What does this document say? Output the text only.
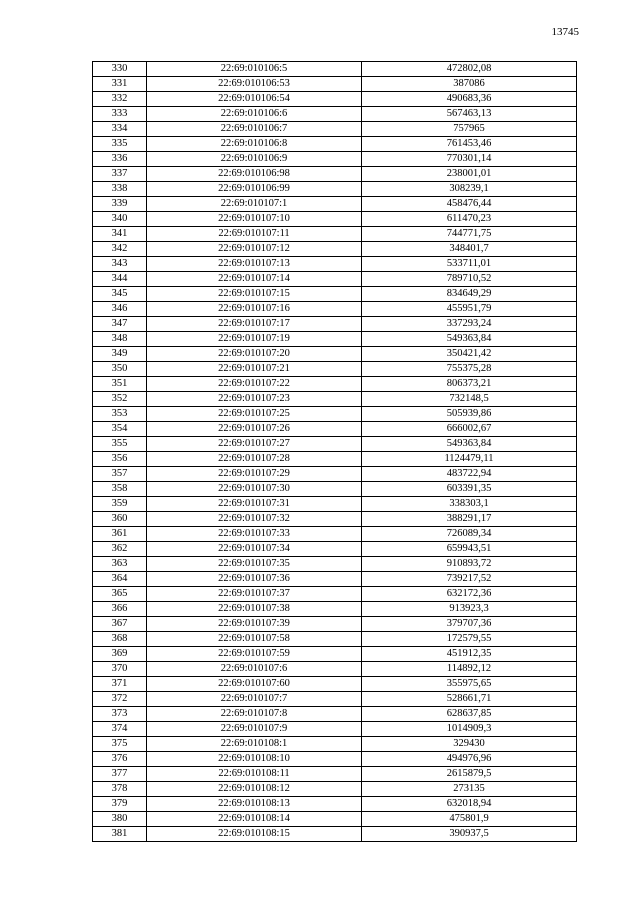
13745
330	22:69:010106:5	472802,08
331	22:69:010106:53	387086
332	22:69:010106:54	490683,36
333	22:69:010106:6	567463,13
334	22:69:010106:7	757965
335	22:69:010106:8	761453,46
336	22:69:010106:9	770301,14
337	22:69:010106:98	238001,01
338	22:69:010106:99	308239,1
339	22:69:010107:1	458476,44
340	22:69:010107:10	611470,23
341	22:69:010107:11	744771,75
342	22:69:010107:12	348401,7
343	22:69:010107:13	533711,01
344	22:69:010107:14	789710,52
345	22:69:010107:15	834649,29
346	22:69:010107:16	455951,79
347	22:69:010107:17	337293,24
348	22:69:010107:19	549363,84
349	22:69:010107:20	350421,42
350	22:69:010107:21	755375,28
351	22:69:010107:22	806373,21
352	22:69:010107:23	732148,5
353	22:69:010107:25	505939,86
354	22:69:010107:26	666002,67
355	22:69:010107:27	549363,84
356	22:69:010107:28	1124479,11
357	22:69:010107:29	483722,94
358	22:69:010107:30	603391,35
359	22:69:010107:31	338303,1
360	22:69:010107:32	388291,17
361	22:69:010107:33	726089,34
362	22:69:010107:34	659943,51
363	22:69:010107:35	910893,72
364	22:69:010107:36	739217,52
365	22:69:010107:37	632172,36
366	22:69:010107:38	913923,3
367	22:69:010107:39	379707,36
368	22:69:010107:58	172579,55
369	22:69:010107:59	451912,35
370	22:69:010107:6	114892,12
371	22:69:010107:60	355975,65
372	22:69:010107:7	528661,71
373	22:69:010107:8	628637,85
374	22:69:010107:9	1014909,3
375	22:69:010108:1	329430
376	22:69:010108:10	494976,96
377	22:69:010108:11	2615879,5
378	22:69:010108:12	273135
379	22:69:010108:13	632018,94
380	22:69:010108:14	475801,9
381	22:69:010108:15	390937,5
